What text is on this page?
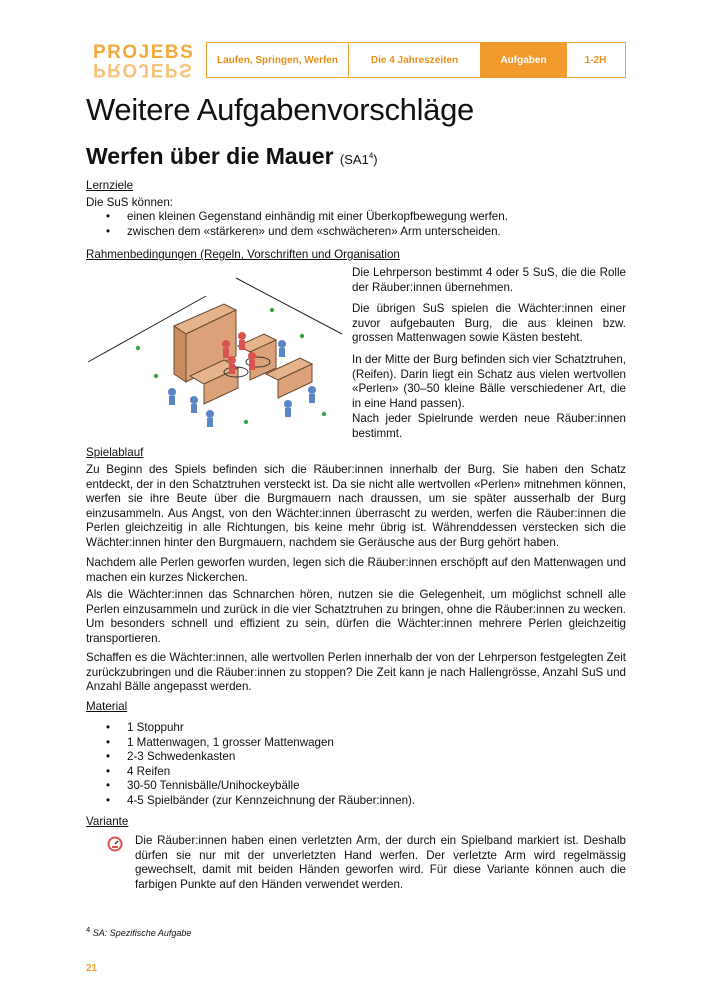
PROJEBS
PROJEPS	Laufen, Springen, Werfen	Die 4 Jahreszeiten	Aufgaben	1-2H
Weitere Aufgabenvorschläge
Werfen über die Mauer $(SA1^4)$
Lernziele
Die SuS können:
• einen kleinen Gegenstand einhändig mit einer Überkopfbewegung werfen.
• zwischen dem «stärkeren» und dem «schwächeren» Arm unterscheiden.
Rahmenbedingungen (Regeln, Vorschriften und Organisation
Die Lehrperson bestimmt 4 oder 5 SuS, die die Rolle der Räuber:innen übernehmen.
Die übrigen SuS spielen die Wächter:innen einer zuvor aufgebauten Burg, die aus kleinen bzw. grossen Mattenwagen sowie Kästen besteht.
In der Mitte der Burg befinden sich vier Schatztruhen, (Reifen). Darin liegt ein Schatz aus vielen wertvollen «Perlen» (30–50 kleine Bälle verschiedener Art, die in eine Hand passen).
Nach jeder Spielrunde werden neue Räuber:innen bestimmt.
Spielablauf
Zu Beginn des Spiels befinden sich die Räuber:innen innerhalb der Burg. Sie haben den Schatz entdeckt, der in den Schatztruhen versteckt ist. Da sie nicht alle wertvollen «Perlen» mitnehmen können, werfen sie ihre Beute über die Burgmauern nach draussen, um sie später ausserhalb der Burg einzusammeln. Aus Angst, von den Wächter:innen überrascht zu werden, werfen die Räuber:innen die Perlen gleichzeitig in alle Richtungen, bis keine mehr übrig ist. Währenddessen verstecken sich die Wächter:innen hinter den Burgmauern, nachdem sie Geräusche aus der Burg gehört haben.
Nachdem alle Perlen geworfen wurden, legen sich die Räuber:innen erschöpft auf den Mattenwagen und machen ein kurzes Nickerchen.
Als die Wächter:innen das Schnarchen hören, nutzen sie die Gelegenheit, um möglichst schnell alle Perlen einzusammeln und zurück in die vier Schatztruhen zu bringen, ohne die Räuber:innen zu wecken. Um besonders schnell und effizient zu sein, dürfen die Wächter:innen mehrere Perlen gleichzeitig transportieren.
Schaffen es die Wächter:innen, alle wertvollen Perlen innerhalb der von der Lehrperson festgelegten Zeit zurückzubringen und die Räuber:innen zu stoppen? Die Zeit kann je nach Hallengrösse, Anzahl SuS und Anzahl Bälle angepasst werden.
Material
• 1 Stoppuhr
• 1 Mattenwagen, 1 grosser Mattenwagen
• 2-3 Schwedenkasten
• 4 Reifen
• 30-50 Tennisbälle/Unihockeybälle
• 4-5 Spielbänder (zur Kennzeichnung der Räuber:innen).
Variante
Die Räuber:innen haben einen verletzten Arm, der durch ein Spielband markiert ist. Deshalb dürfen sie nur mit der unverletzten Hand werfen. Der verletzte Arm wird regelmässig gewechselt, damit mit beiden Händen geworfen wird. Für diese Variante können auch die farbigen Punkte auf den Händen verwendet werden.
$^4$ SA: Spezifische Aufgabe
21
